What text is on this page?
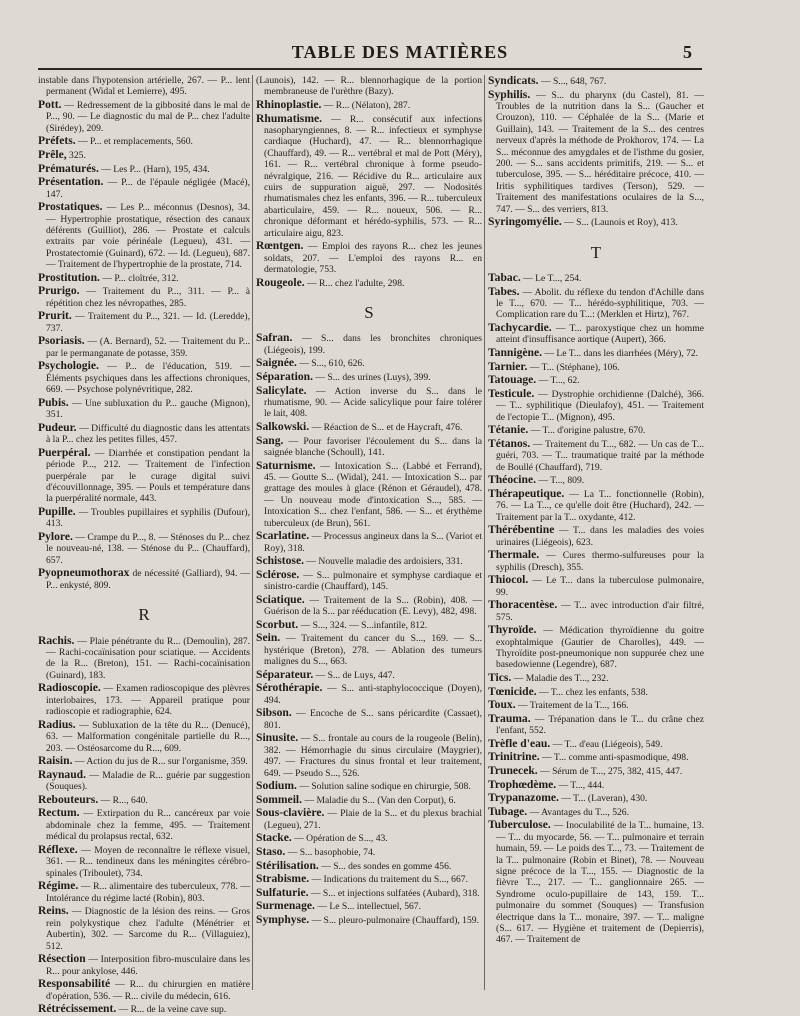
TABLE DES MATIÈRES	5
instable dans l'hypotension artérielle, 267. — P... lent permanent (Widal et Lemierre), 495.
Pott. — Redressement de la gibbosité dans le mal de P..., 90. — Le diagnostic du mal de P... chez l'adulte (Sirédey), 209.
Préfets. — P... et remplacements, 560.
Prêle, 325.
Prématurés. — Les P... (Harn), 195, 434.
Présentation. — P... de l'épaule négligée (Macé), 147.
Prostatiques. — Les P... méconnus (Desnos), 34. — Hypertrophie prostatique, résection des canaux déférents (Guilliot), 286. — Prostate et calculs extraits par voie périnéale (Legueu), 431. — Prostatectomie (Guinard), 672. — Id. (Legueu), 687. — Traitement de l'hypertrophie de la prostate, 714.
Prostitution. — P... cloîtrée, 312.
Prurigo. — Traitement du P..., 311. — P... à répétition chez les névropathes, 285.
Prurit. — Traitement du P..., 321. — Id. (Leredde), 737.
Psoriasis. — (A. Bernard), 52. — Traitement du P... par le permanganate de potasse, 359.
Psychologie. — P... de l'éducation, 519. — Éléments psychiques dans les affections chroniques, 669. — Psychose polynévritique, 282.
Pubis. — Une subluxation du P... gauche (Mignon), 351.
Pudeur. — Difficulté du diagnostic dans les attentats à la P... chez les petites filles, 457.
Puerpéral. — Diarrhée et constipation pendant la période P..., 212. — Traitement de l'infection puerpérale par le curage digital suivi d'écouvillonnage, 395. — Pouls et température dans la puerpéralité normale, 443.
Pupille. — Troubles pupillaires et syphilis (Dufour), 413.
Pylore. — Crampe du P..., 8. — Sténoses du P... chez le nouveau-né, 138. — Sténose du P... (Chauffard), 657.
Pyopneumothorax de nécessité (Galliard), 94. — P... enkysté, 809.
R
Rachis. — Plaie pénétrante du R... (Demoulin), 287. — Rachi-cocaïnisation pour sciatique. — Accidents de la R... (Breton), 151. — Rachi-cocaïnisation (Guinard), 183.
Radioscopie. — Examen radioscopique des plèvres interlobaires, 173. — Appareil pratique pour radioscopie et radiographie, 624.
Radius. — Subluxation de la tête du R... (Denucé), 63. — Malformation congénitale partielle du R..., 203. — Ostéosarcome du R..., 609.
Raisin. — Action du jus de R... sur l'organisme, 359.
Raynaud. — Maladie de R... guérie par suggestion (Souques).
Rebouteurs. — R..., 640.
Rectum. — Extirpation du R... cancéreux par voie abdominale chez la femme, 495. — Traitement médical du prolapsus rectal, 632.
Réflexe. — Moyen de reconnaître le réflexe visuel, 361. — R... tendineux dans les méningites cérébro-spinales (Triboulet), 734.
Régime. — R... alimentaire des tuberculeux, 778. — Intolérance du régime lacté (Robin), 803.
Reins. — Diagnostic de la lésion des reins. — Gros rein polykystique chez l'adulte (Ménétrier et Aubertin), 302. — Sarcome du R... (Villaguiez), 512.
Résection — Interposition fibro-musculaire dans les R... pour ankylose, 446.
Responsabilité — R... du chirurgien en matière d'opération, 536. — R... civile du médecin, 616.
Rétrécissement. — R... de la veine cave sup.
(Launois), 142. — R... blennorhagique de la portion membraneuse de l'urèthre (Bazy).
Rhinoplastie. — R... (Nélaton), 287.
Rhumatisme. — R... consécutif aux infections nasopharyngiennes, 8. — R... infectieux et symphyse cardiaque (Huchard), 47. — R... blennorrhagique (Chauffard), 49. — R... vertébral et mal de Pott (Méry), 161. — R... vertébral chronique à forme pseudo-névralgique, 216. — Récidive du R... articulaire aux cuirs de suppuration aiguë, 297. — Nodosités rhumatismales chez les enfants, 396. — R... tuberculeux abarticulaire, 459. — R... noueux, 506. — R... chronique déformant et hérédo-syphilis, 573. — R... articulaire aigu, 823.
Rœntgen. — Emploi des rayons R... chez les jeunes soldats, 207. — L'emploi des rayons R... en dermatologie, 753.
Rougeole. — R... chez l'adulte, 298.
S
Safran. — S... dans les bronchites chroniques (Liégeois), 199.
Saignée. — S..., 610, 626.
Séparation. — S... des urines (Luys), 399.
Salicylate. — Action inverse du S... dans le rhumatisme, 90. — Acide salicylique pour faire tolérer le lait, 408.
Salkowski. — Réaction de S... et de Haycraft, 476.
Sang. — Pour favoriser l'écoulement du S... dans la saignée blanche (Schoull), 141.
Saturnisme. — Intoxication S... (Labbé et Ferrand), 45. — Goutte S... (Widal), 241. — Intoxication S... par grattage des moules à glace (Rénon et Géraudel), 478. — Un nouveau mode d'intoxication S..., 585. — Intoxication S... chez l'enfant, 586. — S... et érythème tuberculeux (de Brun), 561.
Scarlatine. — Processus angineux dans la S... (Variot et Roy), 318.
Schistose. — Nouvelle maladie des ardoisiers, 331.
Sclérose. — S... pulmonaire et symphyse cardiaque et sinistro-cardie (Chauffard), 145.
Sciatique. — Traitement de la S... (Robin), 408. — Guérison de la S... par rééducation (E. Levy), 482, 498.
Scorbut. — S..., 324. — S...infantile, 812.
Sein. — Traitement du cancer du S..., 169. — S... hystérique (Breton), 278. — Ablation des tumeurs malignes du S..., 663.
Séparateur. — S... de Luys, 447.
Sérothérapie. — S... anti-staphylococcique (Doyen), 494.
Sibson. — Encoche de S... sans péricardite (Cassaet), 801.
Sinusite. — S... frontale au cours de la rougeole (Belin), 382. — Hémorrhagie du sinus circulaire (Maygrier), 497. — Fractures du sinus frontal et leur traitement, 649. — Pseudo S..., 526.
Sodium. — Solution saline sodique en chirurgie, 508.
Sommeil. — Maladie du S... (Van den Corput), 6.
Sous-clavière. — Plaie de la S... et du plexus brachial (Legueu), 271.
Stacke. — Opération de S..., 43.
Staso. — S... basophobie, 74.
Stérilisation. — S... des sondes en gomme 456.
Strabisme. — Indications du traitement du S..., 667.
Sulfaturie. — S... et injections sulfatées (Aubard), 318.
Surmenage. — Le S... intellectuel, 567.
Symphyse. — S... pleuro-pulmonaire (Chauffard), 159.
Syndicats. — S..., 648, 767.
Syphilis. — S... du pharynx (du Castel), 81. — Troubles de la nutrition dans la S... (Gaucher et Crouzon), 110. — Céphalée de la S... (Marie et Guillain), 143. — Traitement de la S... des centres nerveux d'après la méthode de Prokhorov, 174. — La S... méconnue des amygdales et de l'isthme du gosier, 200. — S... sans accidents primitifs, 219. — S... et tuberculose, 395. — S... héréditaire précoce, 410. — Iritis syphilitiques tardives (Terson), 529. — Traitement des manifestations oculaires de la S..., 747. — S... des verriers, 813.
Syringomyélie. — S... (Launois et Roy), 413.
T
Tabac. — Le T..., 254.
Tabes. — Abolit. du réflexe du tendon d'Achille dans le T..., 670. — T... hérédo-syphilitique, 703. — Complication rare du T...: (Merklen et Hirtz), 767.
Tachycardie. — T... paroxystique chez un homme atteint d'insuffisance aortique (Aupert), 366.
Tannigène. — Le T... dans les diarrhées (Méry), 72.
Tarnier. — T... (Stéphane), 106.
Tatouage. — T..., 62.
Testicule. — Dystrophie orchidienne (Dalché), 366. — T... syphilitique (Dieulafoy), 451. — Traitement de l'ectopie T... (Mignon), 495.
Tétanie. — T... d'origine palustre, 670.
Tétanos. — Traitement du T..., 682. — Un cas de T... guéri, 703. — T... traumatique traité par la méthode de Boullé (Chauffard), 719.
Théocine. — T..., 809.
Thérapeutique. — La T... fonctionnelle (Robin), 76. — La T..., ce qu'elle doit être (Huchard), 242. — Traitement par la T... oxydante, 412.
Thérébentine — T... dans les maladies des voies urinaires (Liégeois), 623.
Thermale. — Cures thermo-sulfureuses pour la syphilis (Dresch), 355.
Thiocol. — Le T... dans la tuberculose pulmonaire, 99.
Thoracentèse. — T... avec introduction d'air filtré, 575.
Thyroïde. — Médication thyroïdienne du goitre exophtalmique (Gautier de Charolles), 449. — Thyroïdite post-pneumonique non suppurée chez une basedowienne (Legendre), 687.
Tics. — Maladie des T..., 232.
Tœnicide. — T... chez les enfants, 538.
Toux. — Traitement de la T..., 166.
Trauma. — Trépanation dans le T... du crâne chez l'enfant, 552.
Trèfle d'eau. — T... d'eau (Liégeois), 549.
Trinitrine. — T... comme anti-spasmodique, 498.
Trunecek. — Sérum de T..., 275, 382, 415, 447.
Trophœdème. — T..., 444.
Trypanazome. — T... (Laveran), 430.
Tubage. — Avantages du T..., 526.
Tuberculose. — Inoculabilité de la T... humaine, 13. — T... du myocarde, 56. — T... pulmonaire et terrain humain, 59. — Le poids des T..., 73. — Traitement de la T... pulmonaire (Robin et Binet), 78. — Nouveau signe précoce de la T..., 155. — Diagnostic de la fièvre T..., 217. — T... ganglionnaire 265. — Syndrome oculo-pupillaire de 143, 159. T... pulmonaire du sommet (Souques) — Transfusion électrique dans la T... monaire, 397. — T... maligne (S... 617. — Hygiène et traitement de (Depierris), 467. — Traitement de
